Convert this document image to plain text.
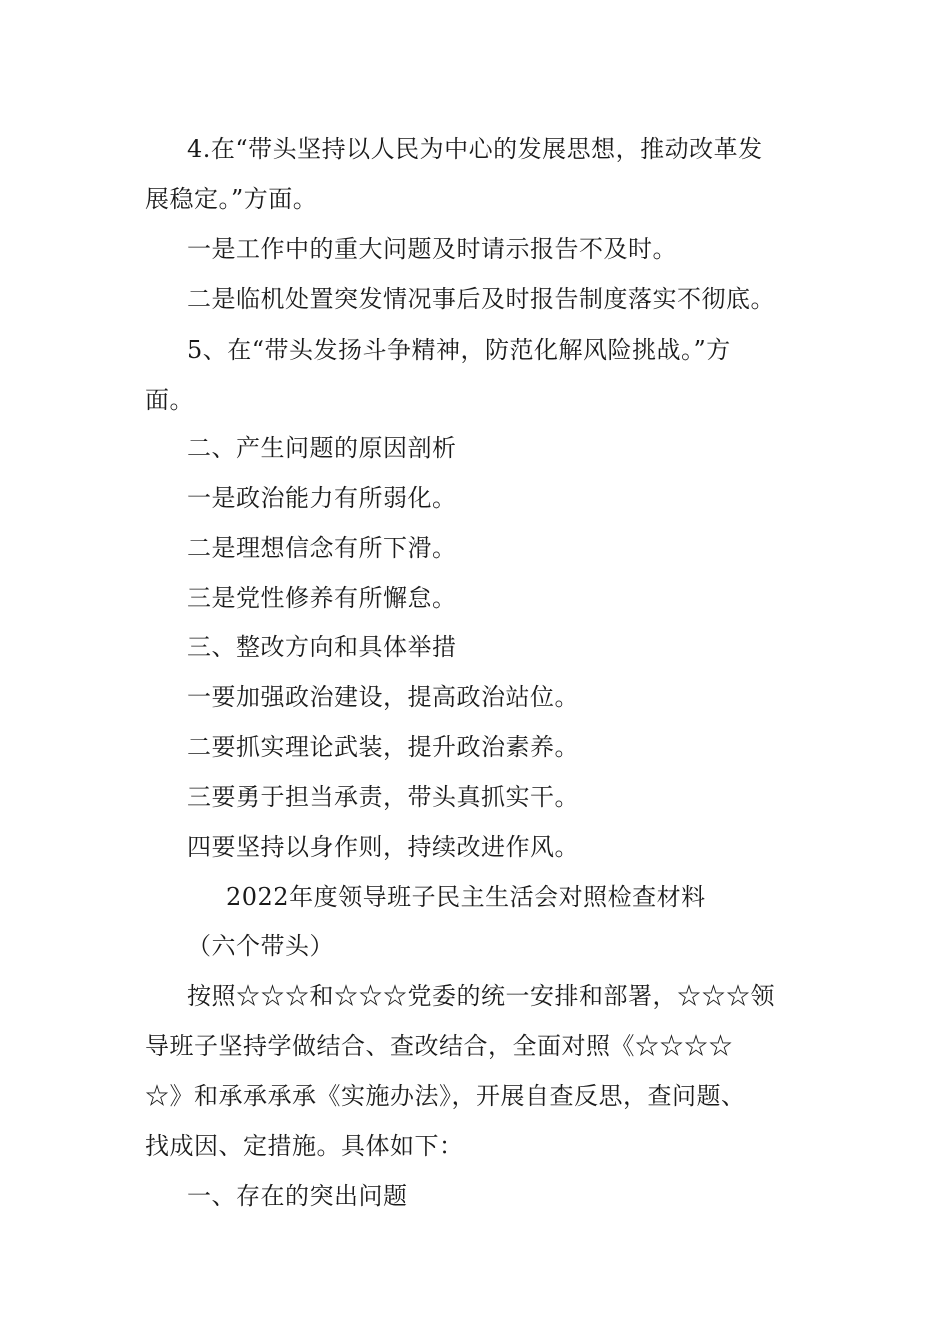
4.在“带头坚持以人民为中心的发展思想，推动改革发
展稳定。”方面。
一是工作中的重大问题及时请示报告不及时。
二是临机处置突发情况事后及时报告制度落实不彻底。
5、在“带头发扬斗争精神，防范化解风险挑战。”方
面。
二、产生问题的原因剖析
一是政治能力有所弱化。
二是理想信念有所下滑。
三是党性修养有所懈怠。
三、整改方向和具体举措
一要加强政治建设，提高政治站位。
二要抓实理论武装，提升政治素养。
三要勇于担当承责，带头真抓实干。
四要坚持以身作则，持续改进作风。
2022年度领导班子民主生活会对照检查材料
（六个带头）
按照☆☆☆和☆☆☆党委的统一安排和部署，☆☆☆领
导班子坚持学做结合、查改结合，全面对照《☆☆☆☆
☆》和承承承承《实施办法》，开展自查反思，查问题、
找成因、定措施。具体如下：
一、存在的突出问题
